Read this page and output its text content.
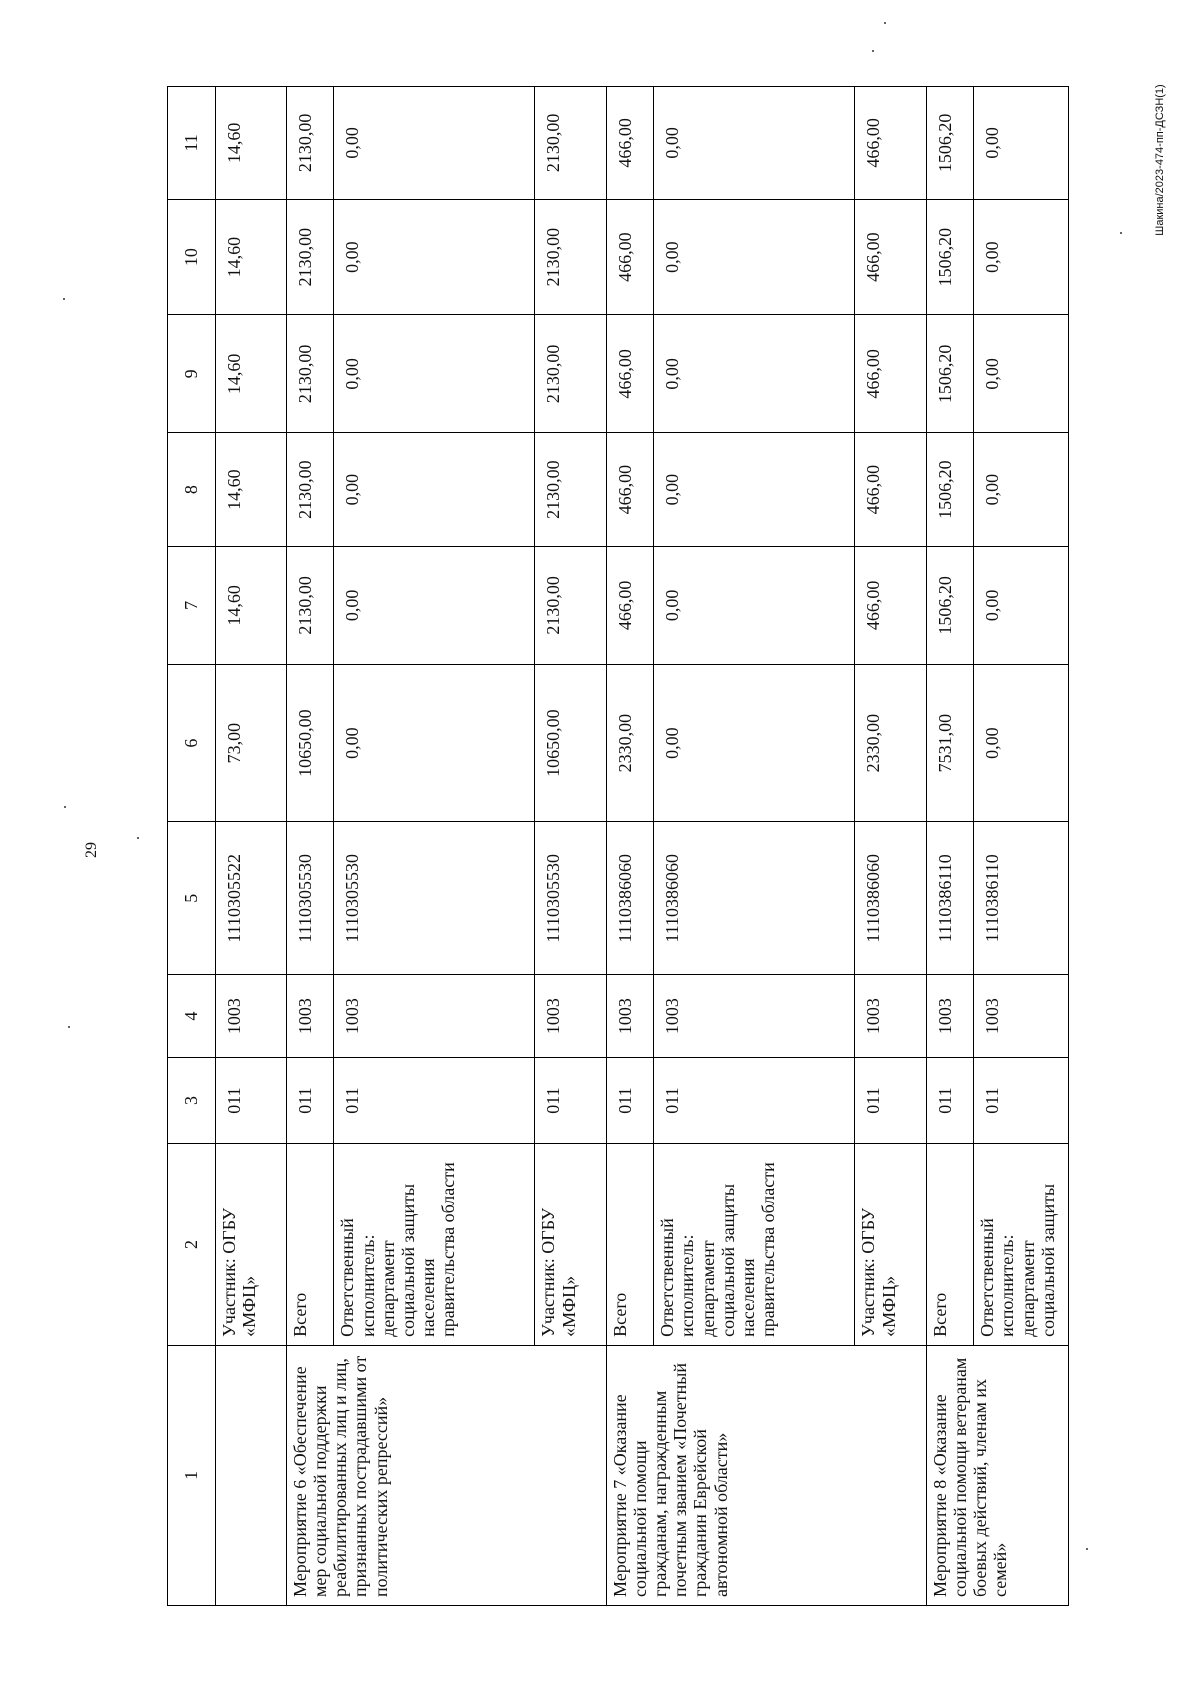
29
Шакина/2023-474-пп-ДСЗН(1)
1	2	3	4	5	6	7	8	9	10	11
	Участник: ОГБУ «МФЦ»	011	1003	1110305522	73,00	14,60	14,60	14,60	14,60	14,60
Мероприятие 6 «Обеспечение мер социальной поддержки реабилитированных лиц и лиц, признанных пострадавшими от политических репрессий»	Всего	011	1003	1110305530	10650,00	2130,00	2130,00	2130,00	2130,00	2130,00
	Ответственный исполнитель: департамент социальной защиты населения правительства области	011	1003	1110305530	0,00	0,00	0,00	0,00	0,00	0,00
	Участник: ОГБУ «МФЦ»	011	1003	1110305530	10650,00	2130,00	2130,00	2130,00	2130,00	2130,00
Мероприятие 7 «Оказание социальной помощи гражданам, награжденным почетным званием «Почетный гражданин Еврейской автономной области»	Всего	011	1003	1110386060	2330,00	466,00	466,00	466,00	466,00	466,00
	Ответственный исполнитель: департамент социальной защиты населения правительства области	011	1003	1110386060	0,00	0,00	0,00	0,00	0,00	0,00
	Участник: ОГБУ «МФЦ»	011	1003	1110386060	2330,00	466,00	466,00	466,00	466,00	466,00
Мероприятие 8 «Оказание социальной помощи ветеранам боевых действий, членам их семей»	Всего	011	1003	1110386110	7531,00	1506,20	1506,20	1506,20	1506,20	1506,20
	Ответственный исполнитель: департамент социальной защиты	011	1003	1110386110	0,00	0,00	0,00	0,00	0,00	0,00
